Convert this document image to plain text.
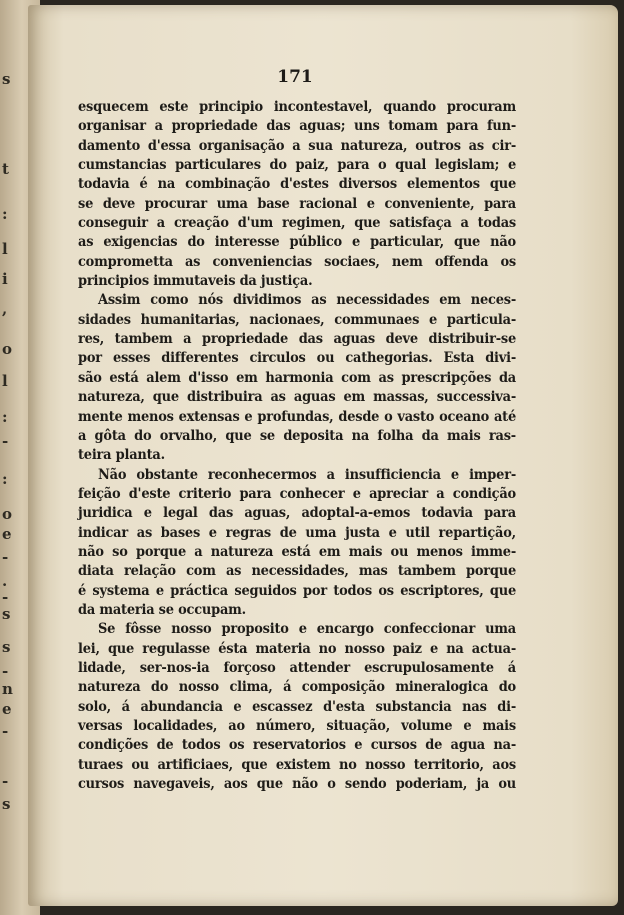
s
t
:
l
i
,
o
l
:
-
:
o
e
-
.
-
s
s
-
n
e
-
-
s
171
esquecem este principio incontestavel, quando procuram
organisar a propriedade das aguas; uns tomam para fun-
damento d'essa organisação a sua natureza, outros as cir-
cumstancias particulares do paiz, para o qual legislam; e
todavia é na combinação d'estes diversos elementos que
se deve procurar uma base racional e conveniente, para
conseguir a creação d'um regimen, que satisfaça a todas
as exigencias do interesse público e particular, que não
comprometta as conveniencias sociaes, nem offenda os
principios immutaveis da justiça.
Assim como nós dividimos as necessidades em neces-
sidades humanitarias, nacionaes, communaes e particula-
res, tambem a propriedade das aguas deve distribuir-se
por esses differentes circulos ou cathegorias. Esta divi-
são está alem d'isso em harmonia com as prescripções da
natureza, que distribuira as aguas em massas, successiva-
mente menos extensas e profundas, desde o vasto oceano até
a gôta do orvalho, que se deposita na folha da mais ras-
teira planta.
Não obstante reconhecermos a insufficiencia e imper-
feição d'este criterio para conhecer e apreciar a condição
juridica e legal das aguas, adoptal-a-emos todavia para
indicar as bases e regras de uma justa e util repartição,
não so porque a natureza está em mais ou menos imme-
diata relação com as necessidades, mas tambem porque
é systema e práctica seguidos por todos os escriptores, que
da materia se occupam.
Se fôsse nosso proposito e encargo confeccionar uma
lei, que regulasse ésta materia no nosso paiz e na actua-
lidade, ser-nos-ia forçoso attender escrupulosamente á
natureza do nosso clima, á composição mineralogica do
solo, á abundancia e escassez d'esta substancia nas di-
versas localidades, ao número, situação, volume e mais
condições de todos os reservatorios e cursos de agua na-
turaes ou artificiaes, que existem no nosso territorio, aos
cursos navegaveis, aos que não o sendo poderiam, ja ou
